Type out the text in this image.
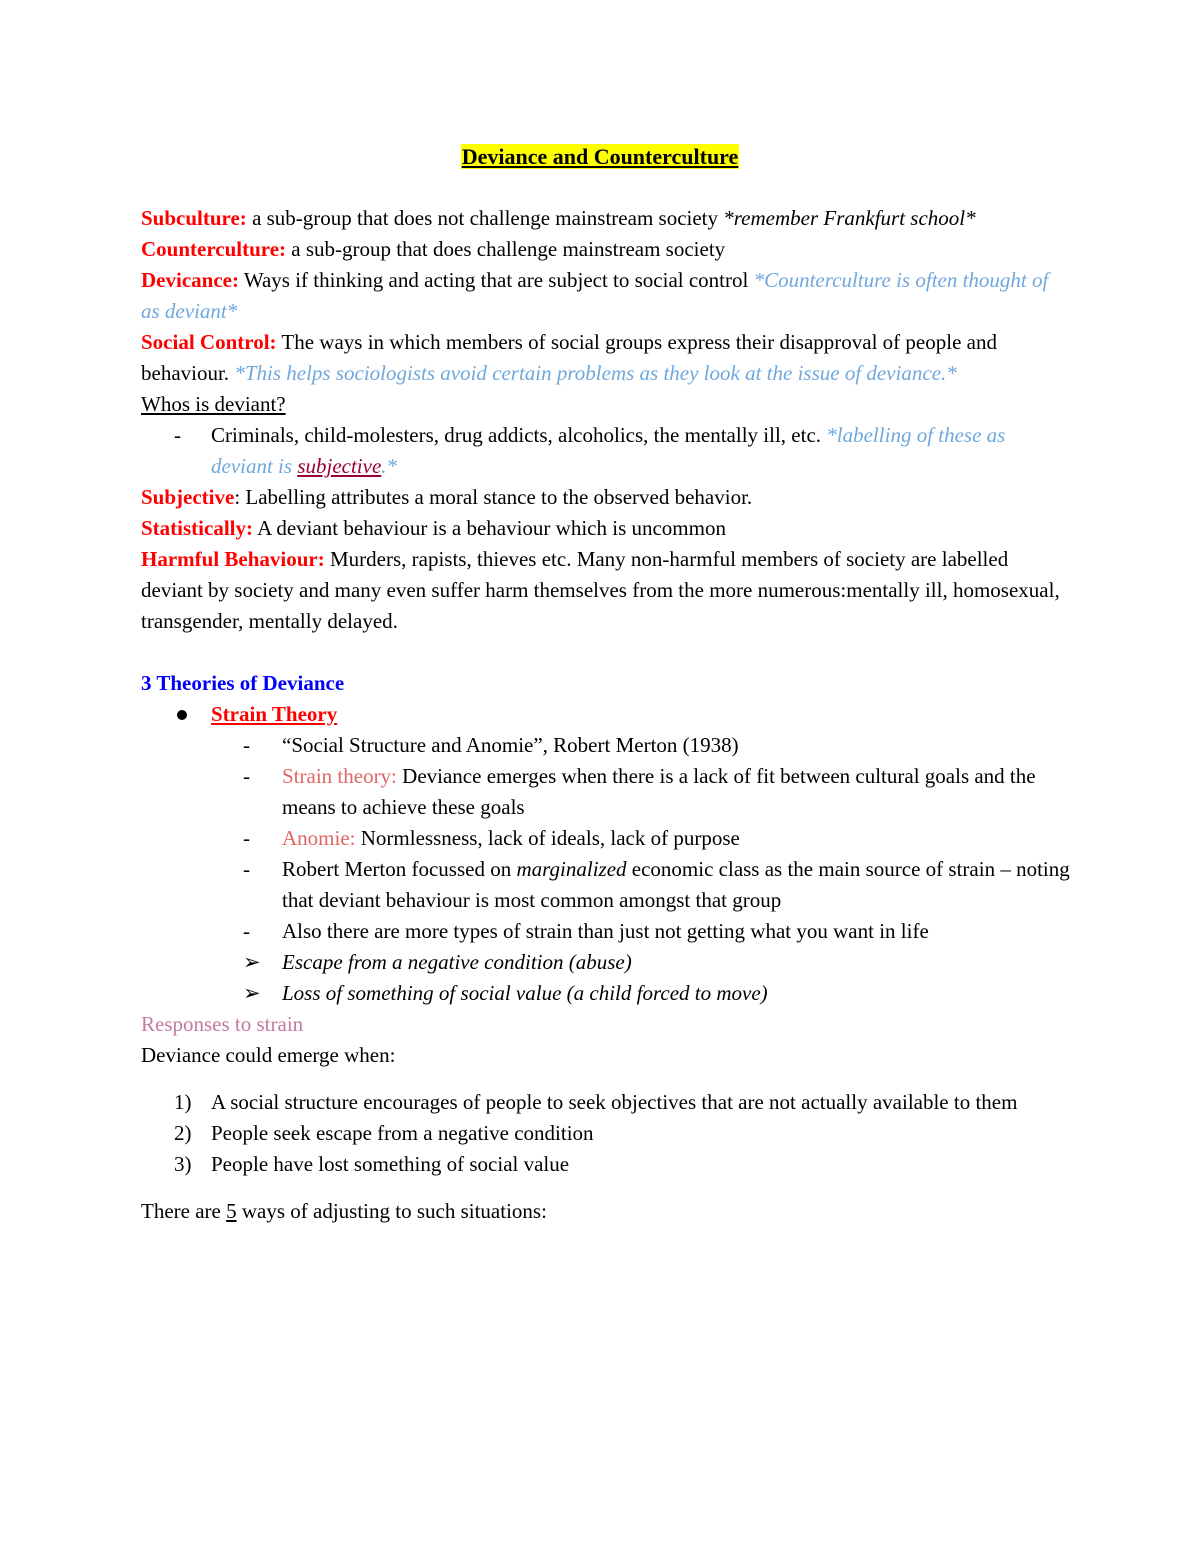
Deviance and Counterculture

Subculture: a sub-group that does not challenge mainstream society *remember Frankfurt school*

Counterculture: a sub-group that does challenge mainstream society

Devicance: Ways if thinking and acting that are subject to social control *Counterculture is often thought of as deviant*

Social Control: The ways in which members of social groups express their disapproval of people and behaviour. *This helps sociologists avoid certain problems as they look at the issue of deviance.*

Whos is deviant?

- Criminals, child-molesters, drug addicts, alcoholics, the mentally ill, etc. *labelling of these as deviant is subjective.*

Subjective: Labelling attributes a moral stance to the observed behavior.

Statistically: A deviant behaviour is a behaviour which is uncommon

Harmful Behaviour: Murders, rapists, thieves etc. Many non-harmful members of society are labelled deviant by society and many even suffer harm themselves from the more numerous:mentally ill, homosexual, transgender, mentally delayed.

3 Theories of Deviance

Strain Theory

- “Social Structure and Anomie”, Robert Merton (1938)

- Strain theory: Deviance emerges when there is a lack of fit between cultural goals and the means to achieve these goals

- Anomie: Normlessness, lack of ideals, lack of purpose

- Robert Merton focussed on marginalized economic class as the main source of strain – noting that deviant behaviour is most common amongst that group

- Also there are more types of strain than just not getting what you want in life

➢ Escape from a negative condition (abuse)

➢ Loss of something of social value (a child forced to move)

Responses to strain

Deviance could emerge when:

1) A social structure encourages of people to seek objectives that are not actually available to them

2) People seek escape from a negative condition

3) People have lost something of social value

There are 5 ways of adjusting to such situations:
